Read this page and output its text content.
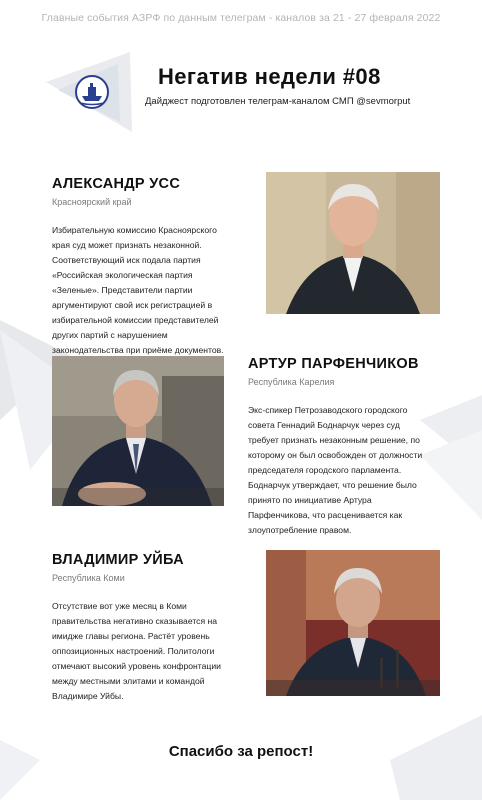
Главные события АЗРФ по данным телеграм - каналов за 21 - 27 февраля 2022
Негатив недели #08
Дайджест подготовлен телеграм-каналом СМП @sevmorput
АЛЕКСАНДР УСС
Красноярский край
Избирательную комиссию Красноярского
края суд может признать незаконной.
Соответствующий иск подала партия
«Российская экологическая партия
«Зеленые». Представители партии
аргументируют свой иск регистрацией в
избирательной комиссии представителей
других партий с нарушением
законодательства при приёме документов.
АРТУР ПАРФЕНЧИКОВ
Республика Карелия
Экс-спикер Петрозаводского городского
совета Геннадий Боднарчук через суд
требует признать незаконным решение, по
которому он был освобожден от должности
председателя городского парламента.
Боднарчук утверждает, что решение было
принято по инициативе Артура
Парфенчикова, что расценивается как
злоупотребление правом.
ВЛАДИМИР УЙБА
Республика Коми
Отсутствие вот уже месяц в Коми
правительства негативно сказывается на
имидже главы региона. Растёт уровень
оппозиционных настроений. Политологи
отмечают высокий уровень конфронтации
между местными элитами и командой
Владимире Уйбы.
Спасибо за репост!
